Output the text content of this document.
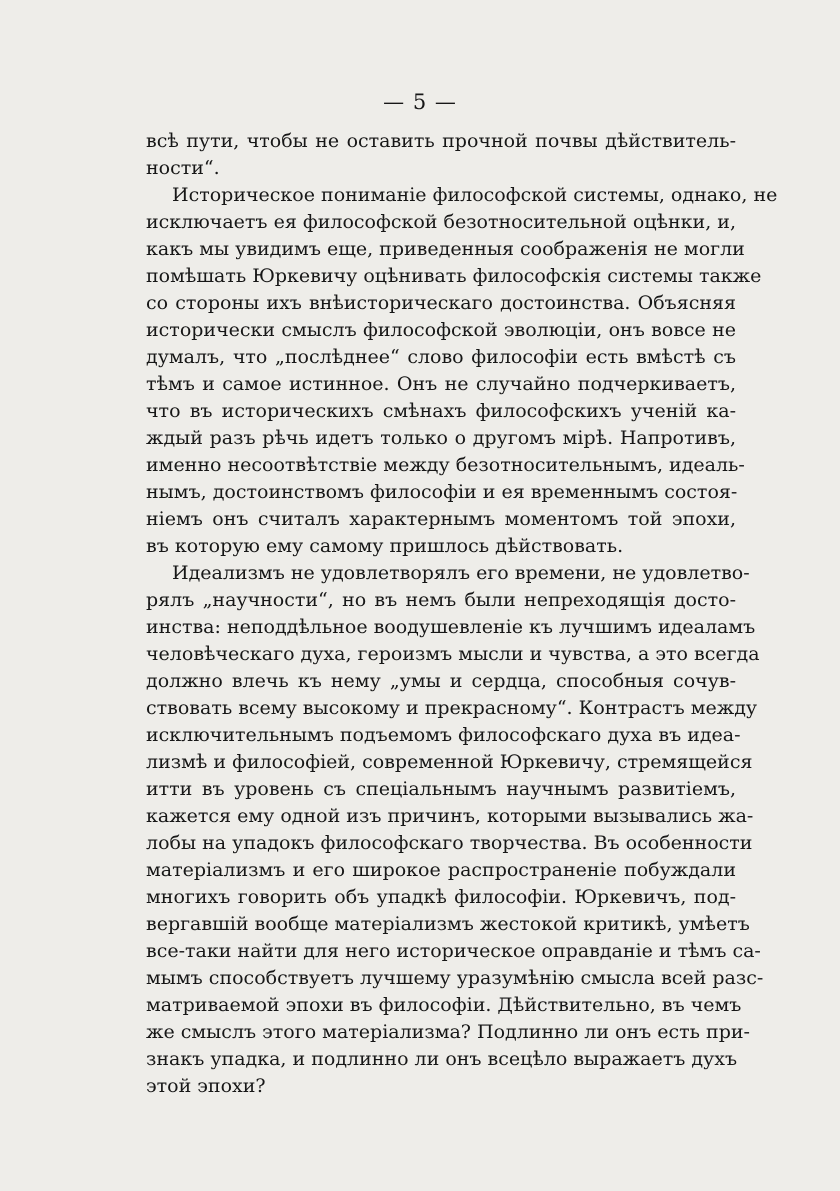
— 5 —
всѣ пути, чтобы не оставить прочной почвы дѣйствитель-
ности“.
Историческое пониманіе философской системы, однако, не
исключаетъ ея философской безотносительной оцѣнки, и,
какъ мы увидимъ еще, приведенныя соображенія не могли
помѣшать Юркевичу оцѣнивать философскія системы также
со стороны ихъ внѣисторическаго достоинства. Объясняя
исторически смыслъ философской эволюціи, онъ вовсе не
думалъ, что „послѣднее“ слово философіи есть вмѣстѣ съ
тѣмъ и самое истинное. Онъ не случайно подчеркиваетъ,
что въ историческихъ смѣнахъ философскихъ ученій ка-
ждый разъ рѣчь идетъ только о другомъ мірѣ. Напротивъ,
именно несоотвѣтствіе между безотносительнымъ, идеаль-
нымъ, достоинствомъ философіи и ея временнымъ состоя-
ніемъ онъ считалъ характернымъ моментомъ той эпохи,
въ которую ему самому пришлось дѣйствовать.
Идеализмъ не удовлетворялъ его времени, не удовлетво-
рялъ „научности“, но въ немъ были непреходящія досто-
инства: неподдѣльное воодушевленіе къ лучшимъ идеаламъ
человѣческаго духа, героизмъ мысли и чувства, а это всегда
должно влечь къ нему „умы и сердца, способныя сочув-
ствовать всему высокому и прекрасному“. Контрастъ между
исключительнымъ подъемомъ философскаго духа въ идеа-
лизмѣ и философіей, современной Юркевичу, стремящейся
итти въ уровень съ спеціальнымъ научнымъ развитіемъ,
кажется ему одной изъ причинъ, которыми вызывались жа-
лобы на упадокъ философскаго творчества. Въ особенности
матеріализмъ и его широкое распространеніе побуждали
многихъ говорить объ упадкѣ философіи. Юркевичъ, под-
вергавшій вообще матеріализмъ жестокой критикѣ, умѣетъ
все-таки найти для него историческое оправданіе и тѣмъ са-
мымъ способствуетъ лучшему уразумѣнію смысла всей разс-
матриваемой эпохи въ философіи. Дѣйствительно, въ чемъ
же смыслъ этого матеріализма? Подлинно ли онъ есть при-
знакъ упадка, и подлинно ли онъ всецѣло выражаетъ духъ
этой эпохи?
